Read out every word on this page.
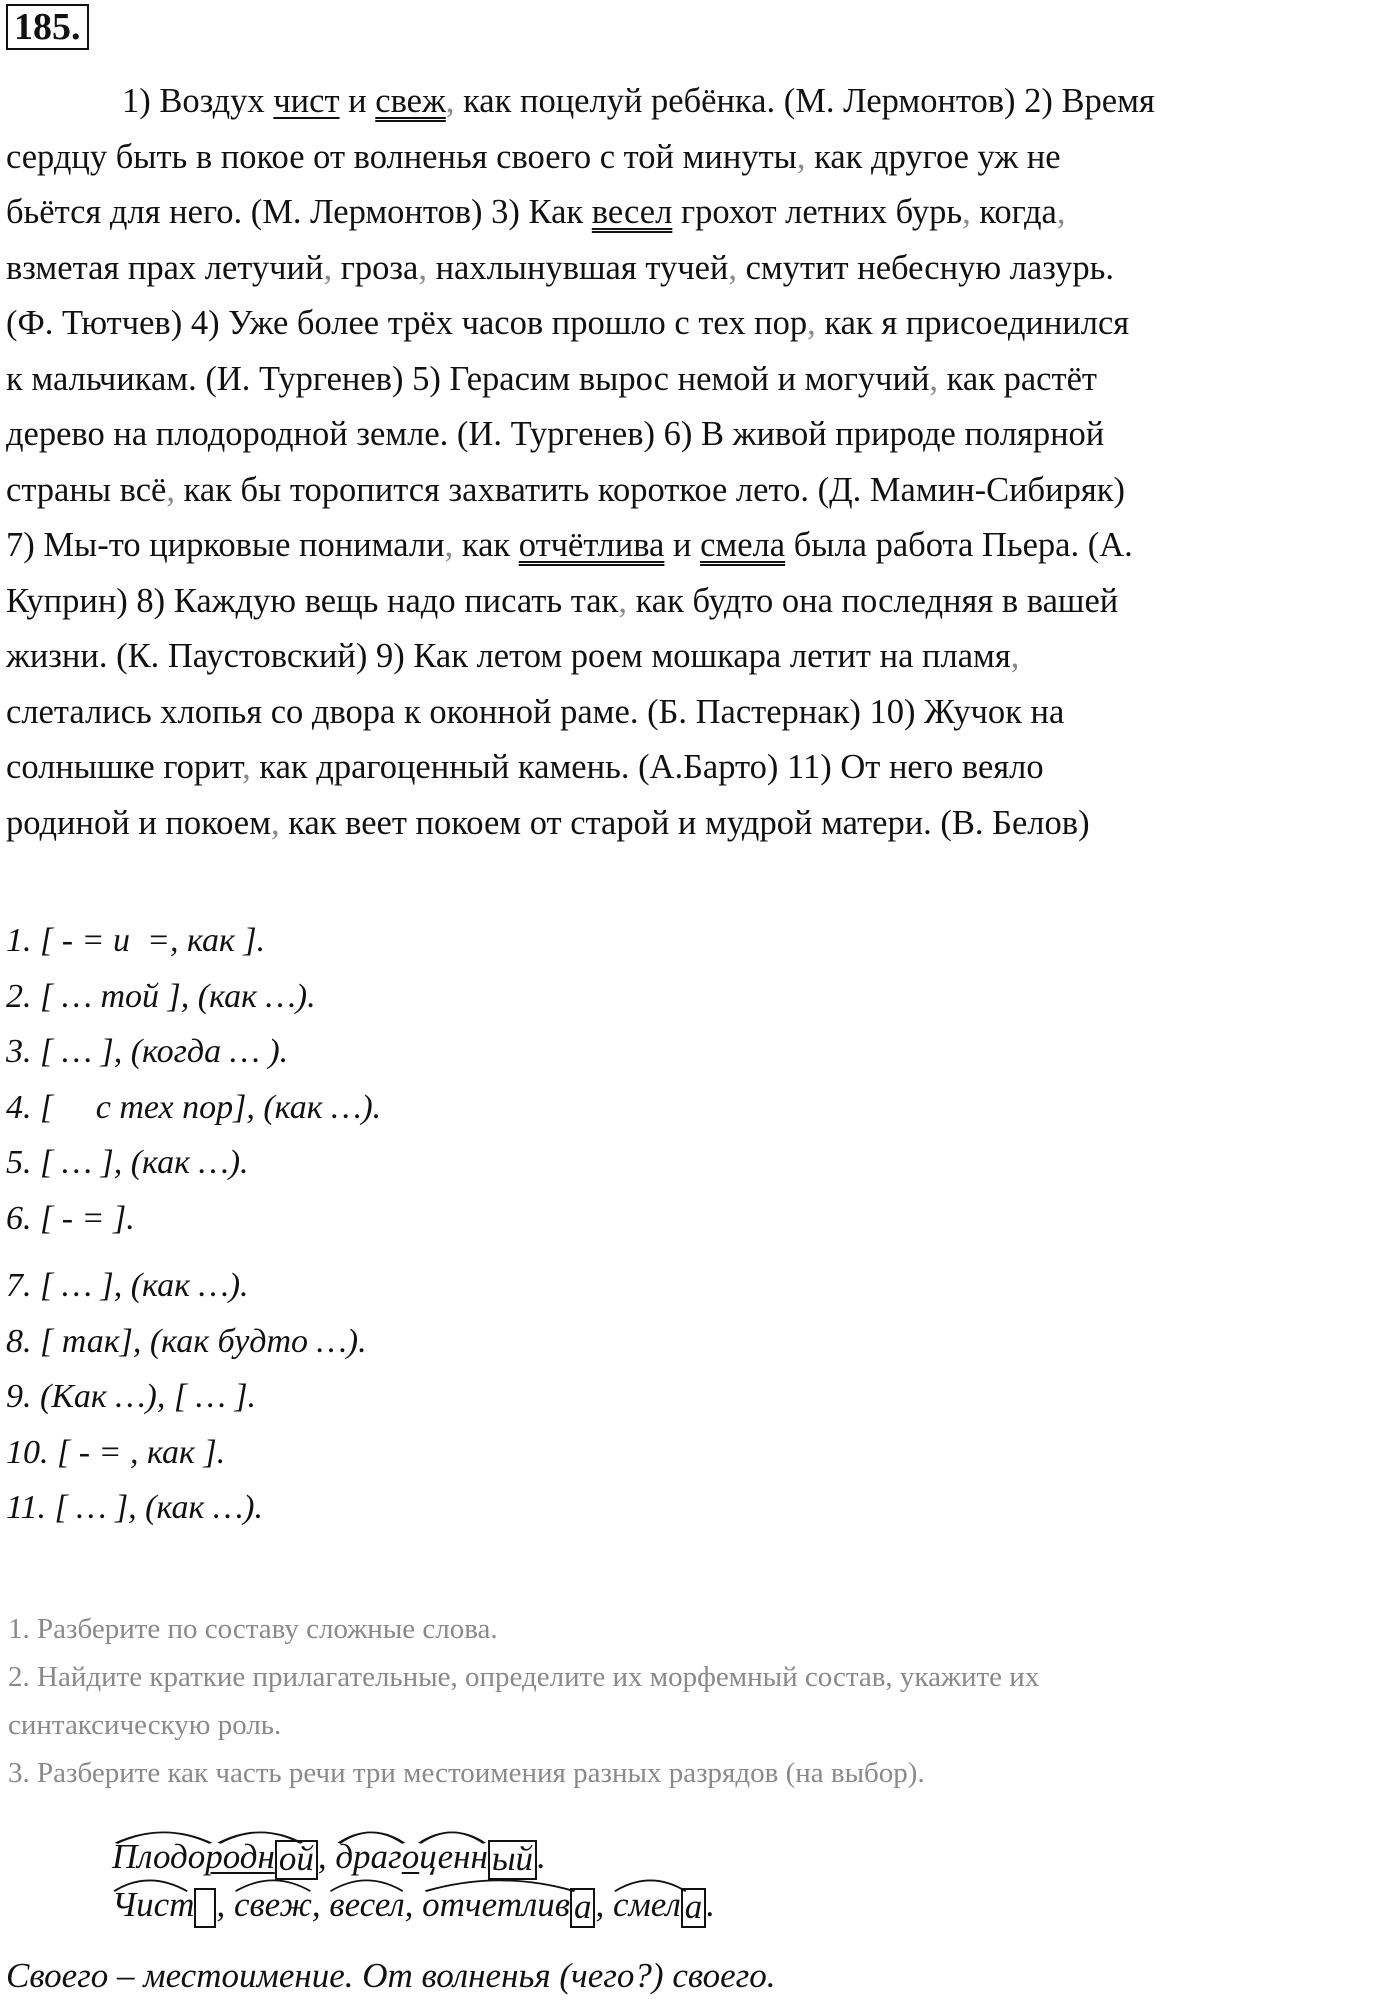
185.
1) Воздух чист и свеж, как поцелуй ребёнка. (М. Лермонтов) 2) Время
сердцу быть в покое от волненья своего с той минуты, как другое уж не
бьётся для него. (М. Лермонтов) 3) Как весел грохот летних бурь, когда,
взметая прах летучий, гроза, нахлынувшая тучей, смутит небесную лазурь.
(Ф. Тютчев) 4) Уже более трёх часов прошло с тех пор, как я присоединился
к мальчикам. (И. Тургенев) 5) Герасим вырос немой и могучий, как растёт
дерево на плодородной земле. (И. Тургенев) 6) В живой природе полярной
страны всё, как бы торопится захватить короткое лето. (Д. Мамин-Сибиряк)
7) Мы-то цирковые понимали, как отчётлива и смела была работа Пьера. (А.
Куприн) 8) Каждую вещь надо писать так, как будто она последняя в вашей
жизни. (К. Паустовский) 9) Как летом роем мошкара летит на пламя,
слетались хлопья со двора к оконной раме. (Б. Пастернак) 10) Жучок на
солнышке горит, как драгоценный камень. (А.Барто) 11) От него веяло
родиной и покоем, как веет покоем от старой и мудрой матери. (В. Белов)
1. [ - = и  =, как ].
2. [ … той ], (как …).
3. [ … ], (когда … ).
4. [     с тех пор], (как …).
5. [ … ], (как …).
6. [ - = ].
7. [ … ], (как …).
8. [ так], (как будто …).
9. (Как …), [ … ].
10. [ - = , как ].
11. [ … ], (как …).
1. Разберите по составу сложные слова.
2. Найдите краткие прилагательные, определите их морфемный состав, укажите их
синтаксическую роль.
3. Разберите как часть речи три местоимения разных разрядов (на выбор).
Плодородн ой ,
драгоценн ый .
Чист ,
свеж,
весел,
отчетлив а ,
смел а .
Своего – местоимение. От волненья (чего?) своего.
